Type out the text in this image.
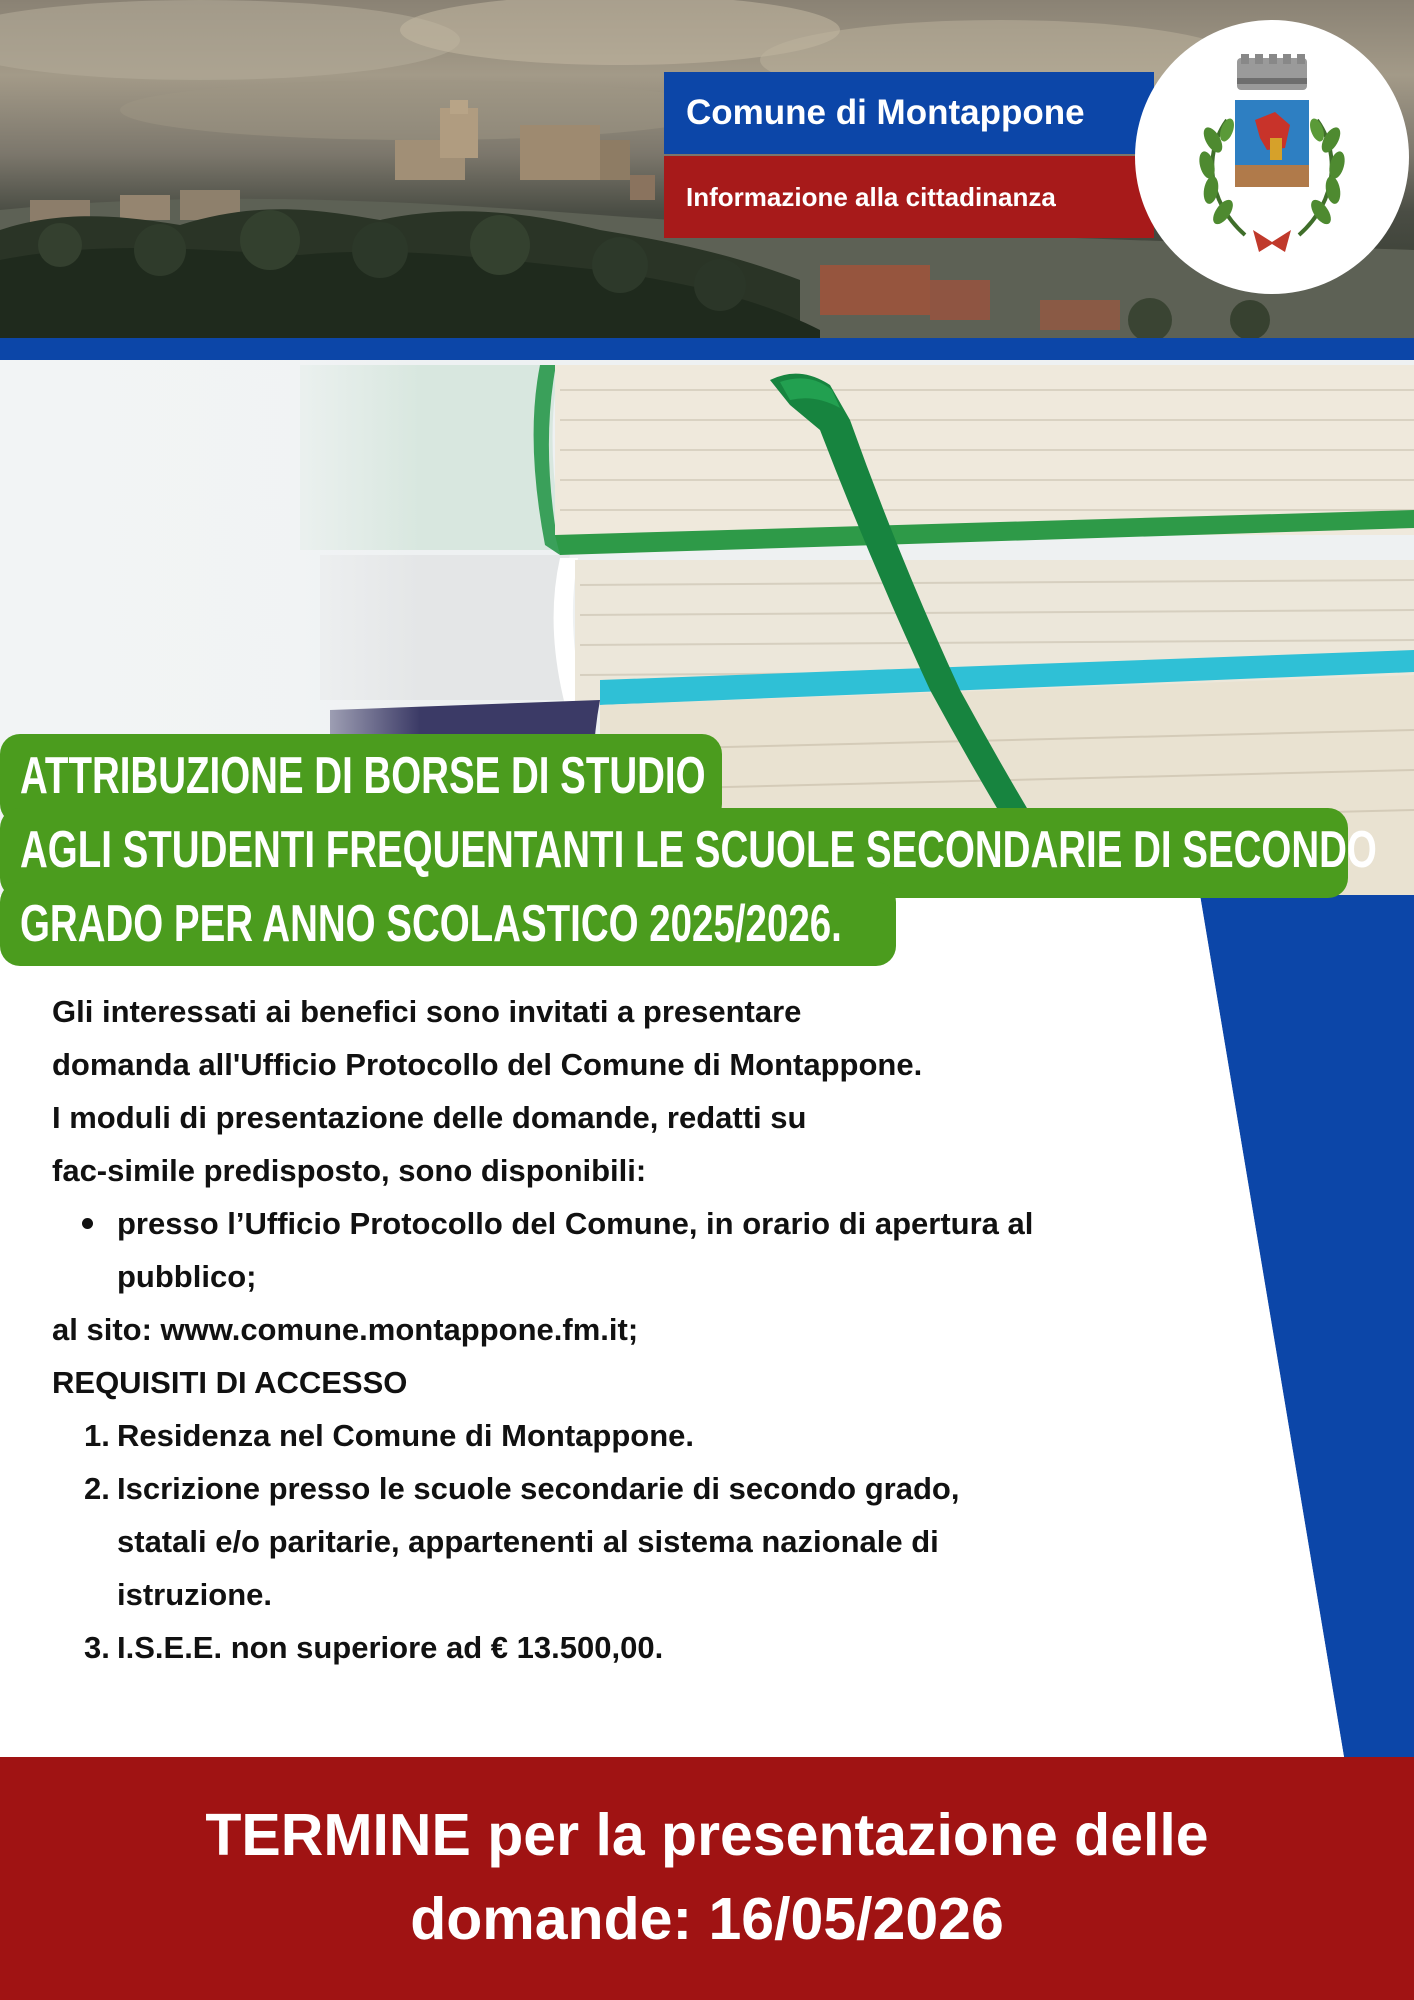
Comune di Montappone
Informazione alla cittadinanza
ATTRIBUZIONE DI BORSE DI STUDIO
AGLI STUDENTI FREQUENTANTI LE SCUOLE SECONDARIE DI SECONDO
GRADO PER ANNO SCOLASTICO 2025/2026.

Gli interessati ai benefici sono invitati a presentare

domanda all'Ufficio Protocollo del Comune di Montappone.

I moduli di presentazione delle domande, redatti su

fac-simile predisposto, sono disponibili:

presso l’Ufficio Protocollo del Comune, in orario di apertura al

pubblico;

al sito: www.comune.montappone.fm.it;

REQUISITI DI ACCESSO

1. Residenza nel Comune di Montappone.

2. Iscrizione presso le scuole secondarie di secondo grado,

statali e/o paritarie, appartenenti al sistema nazionale di

istruzione.

3. I.S.E.E. non superiore ad € 13.500,00.

TERMINE per la presentazione delle

domande: 16/05/2026
